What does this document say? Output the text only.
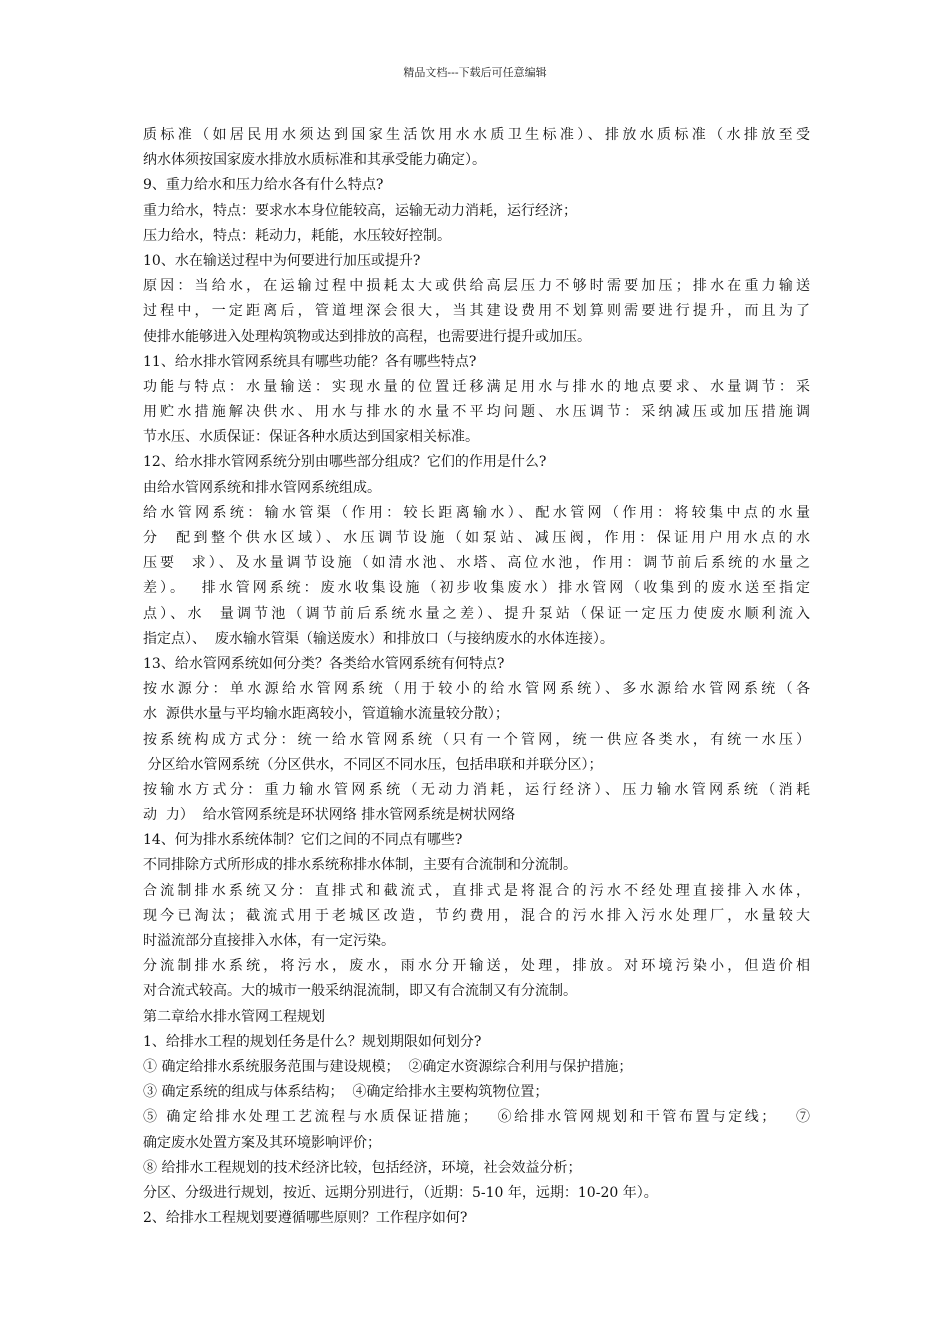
精品文档---下载后可任意编辑
质标准（如居民用水须达到国家生活饮用水水质卫生标准）、排放水质标准（水排放至受
纳水体须按国家废水排放水质标准和其承受能力确定）。
9、重力给水和压力给水各有什么特点?
重力给水，特点：要求水本身位能较高，运输无动力消耗，运行经济；
压力给水，特点：耗动力，耗能，水压较好控制。
10、水在输送过程中为何要进行加压或提升?
原因：当给水，在运输过程中损耗太大或供给高层压力不够时需要加压；排水在重力输送
过程中，一定距离后，管道埋深会很大，当其建设费用不划算则需要进行提升，而且为了
使排水能够进入处理构筑物或达到排放的高程，也需要进行提升或加压。
11、给水排水管网系统具有哪些功能？各有哪些特点?
功能与特点：水量输送：实现水量的位置迁移满足用水与排水的地点要求、水量调节：采
用贮水措施解决供水、用水与排水的水量不平均问题、水压调节：采纳减压或加压措施调
节水压、水质保证：保证各种水质达到国家相关标准。
12、给水排水管网系统分别由哪些部分组成？它们的作用是什么?
由给水管网系统和排水管网系统组成。
给水管网系统：输水管渠（作用：较长距离输水）、配水管网（作用：将较集中点的水量
分  配到整个供水区域）、水压调节设施（如泵站、减压阀，作用：保证用户用水点的水
压要  求）、及水量调节设施（如清水池、水塔、高位水池，作用：调节前后系统的水量之
差）。  排水管网系统：废水收集设施（初步收集废水）排水管网（收集到的废水送至指定
点）、水  量调节池（调节前后系统水量之差）、提升泵站（保证一定压力使废水顺利流入
指定点）、  废水输水管渠（输送废水）和排放口（与接纳废水的水体连接）。
13、给水管网系统如何分类？各类给水管网系统有何特点?
按水源分：单水源给水管网系统（用于较小的给水管网系统）、多水源给水管网系统（各
水  源供水量与平均输水距离较小，管道输水流量较分散）；
按系统构成方式分：统一给水管网系统（只有一个管网，统一供应各类水，有统一水压）
分区给水管网系统（分区供水，不同区不同水压，包括串联和并联分区）；
按输水方式分：重力输水管网系统（无动力消耗，运行经济）、压力输水管网系统（消耗
动  力）  给水管网系统是环状网络 排水管网系统是树状网络
14、何为排水系统体制？它们之间的不同点有哪些?
不同排除方式所形成的排水系统称排水体制，主要有合流制和分流制。
合流制排水系统又分：直排式和截流式，直排式是将混合的污水不经处理直接排入水体，
现今已淘汰；截流式用于老城区改造，节约费用，混合的污水排入污水处理厂，水量较大
时溢流部分直接排入水体，有一定污染。
分流制排水系统，将污水，废水，雨水分开输送，处理，排放。对环境污染小，但造价相
对合流式较高。大的城市一般采纳混流制，即又有合流制又有分流制。
第二章给水排水管网工程规划
1、给排水工程的规划任务是什么？规划期限如何划分?
① 确定给排水系统服务范围与建设规模；  ②确定水资源综合利用与保护措施；
③ 确定系统的组成与体系结构；  ④确定给排水主要构筑物位置；
⑤ 确定给排水处理工艺流程与水质保证措施；   ⑥给排水管网规划和干管布置与定线；   ⑦
确定废水处置方案及其环境影响评价；
⑧ 给排水工程规划的技术经济比较，包括经济，环境，社会效益分析；
分区、分级进行规划，按近、远期分别进行，（近期：5-10 年，远期：10-20 年）。
2、给排水工程规划要遵循哪些原则？工作程序如何?
